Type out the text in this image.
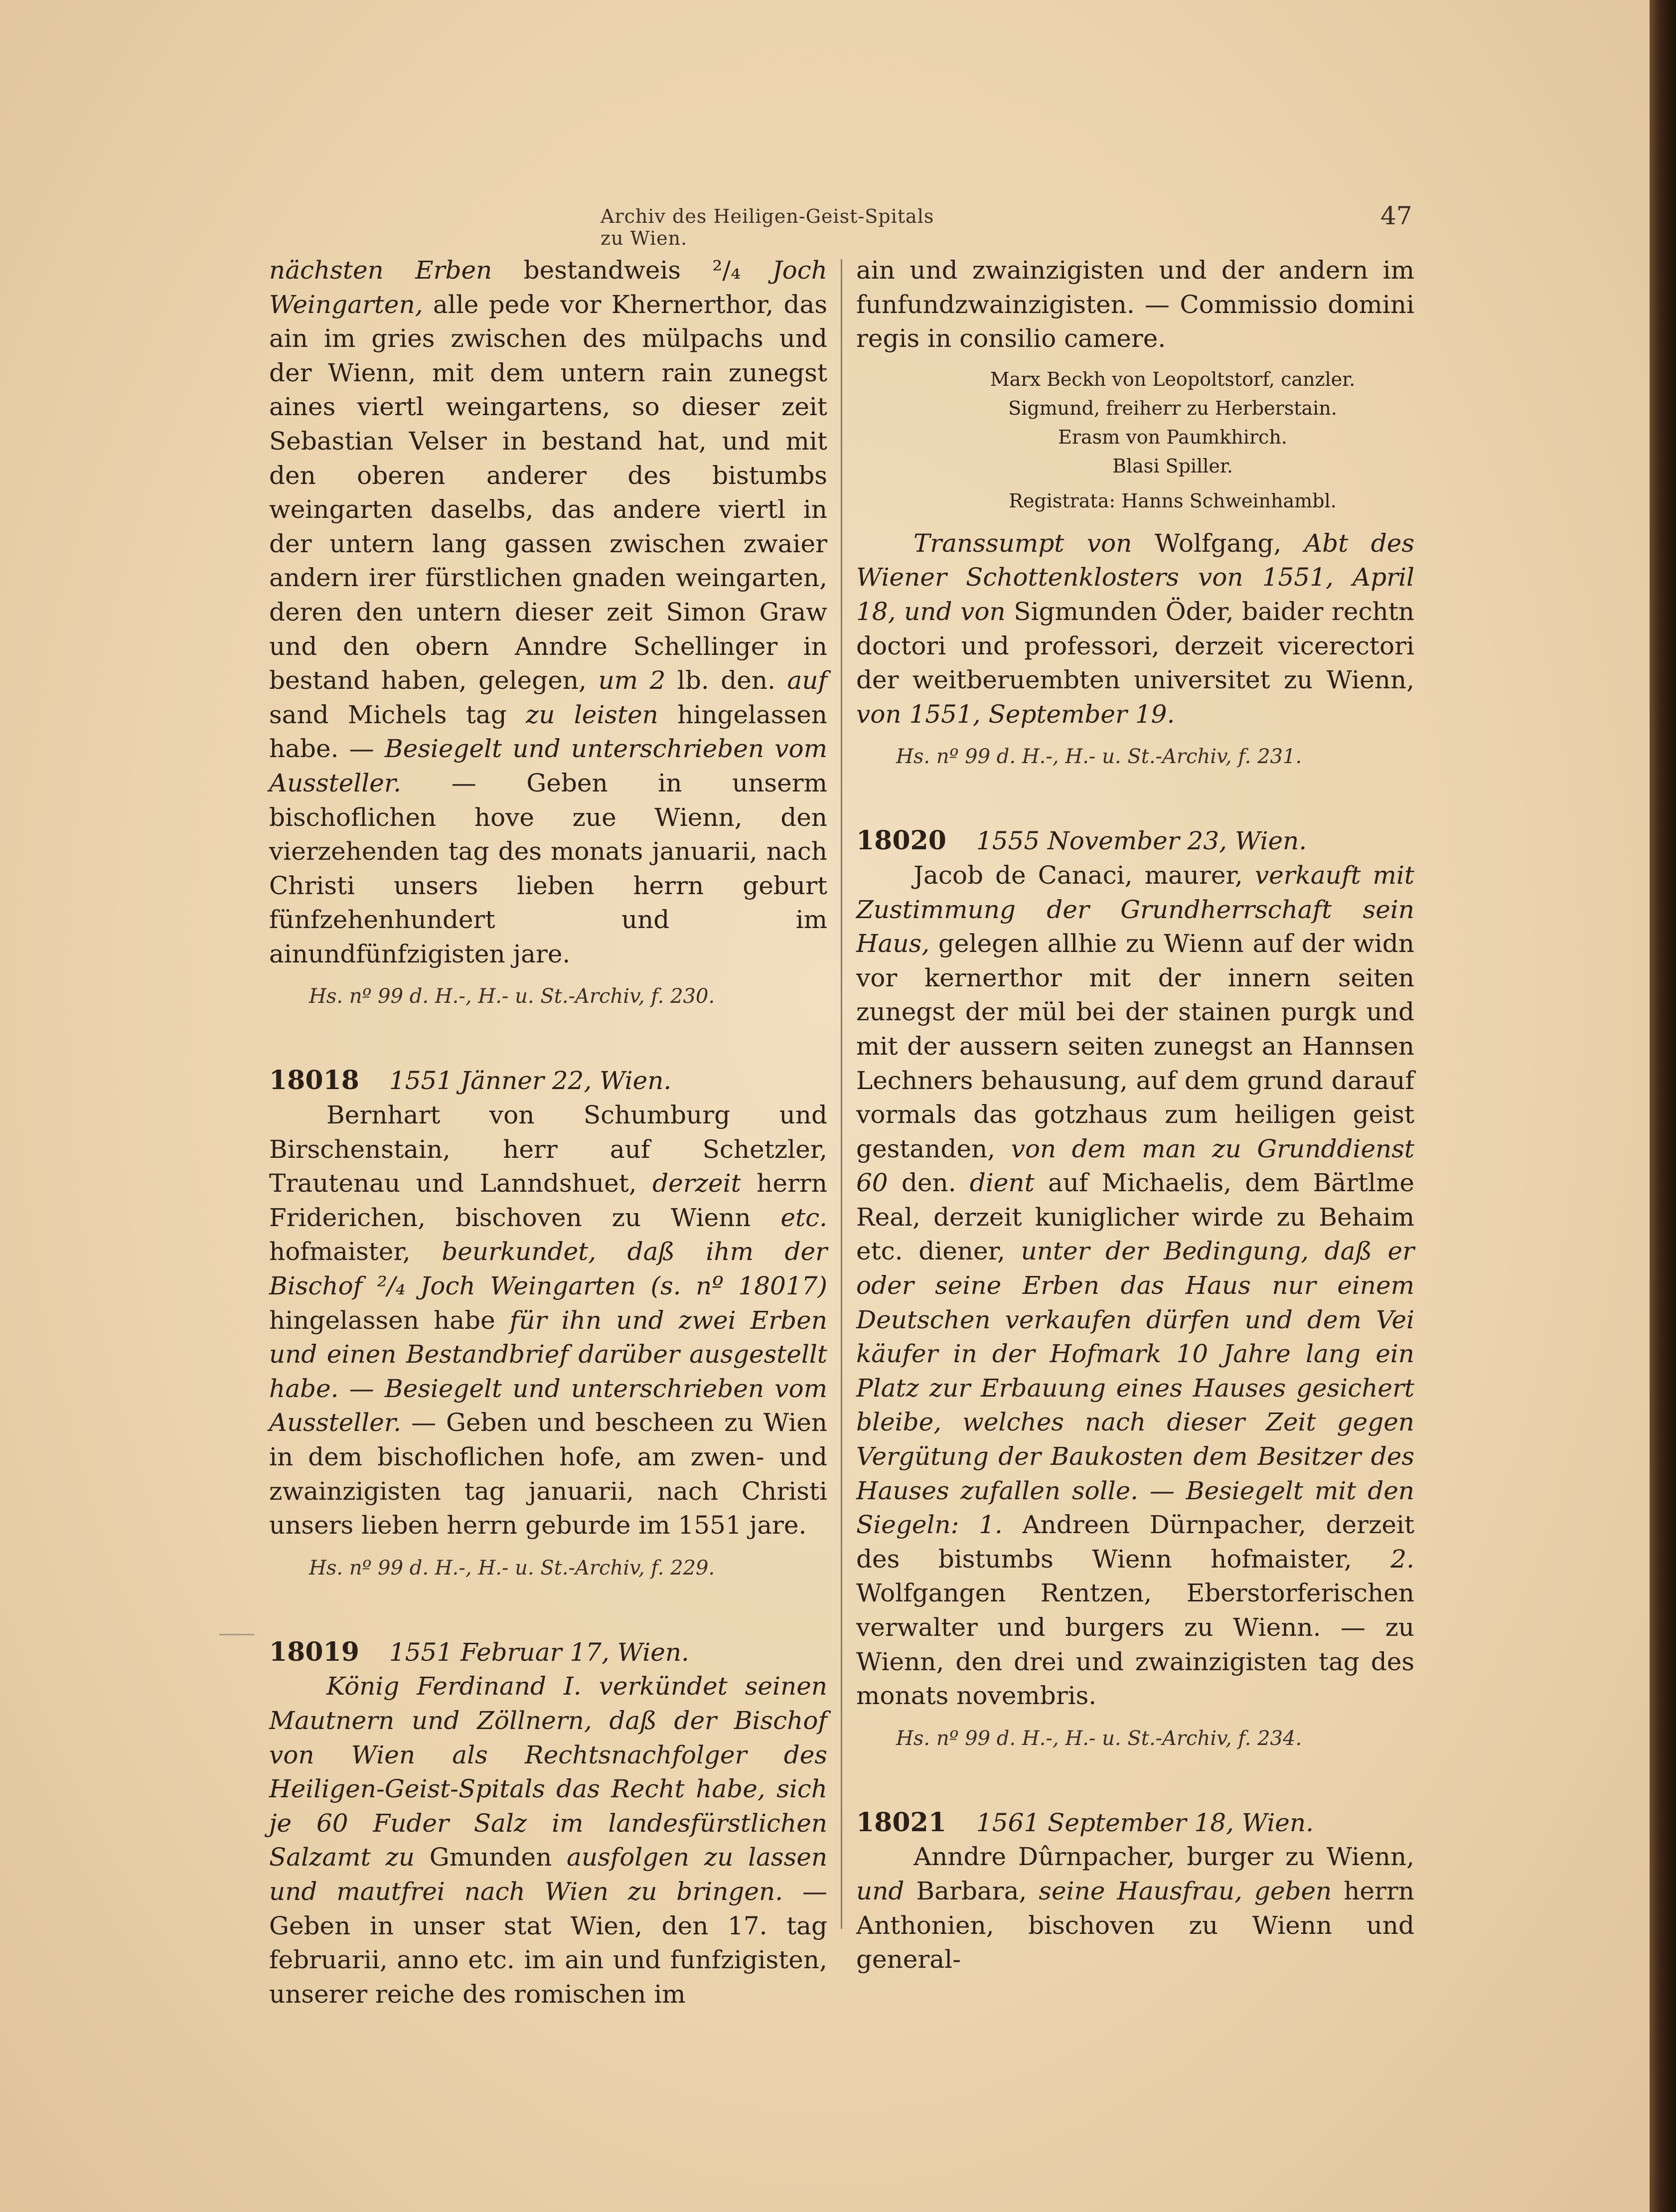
Archiv des Heiligen-Geist-Spitals zu Wien.
47

nächsten Erben bestandweis ²/₄ Joch Weingarten, alle pede vor Khernerthor, das ain im gries zwischen des mülpachs und der Wienn, mit dem untern rain zunegst aines viertl weingartens, so dieser zeit Sebastian Velser in bestand hat, und mit den oberen anderer des bistumbs weingarten daselbs, das andere viertl in der untern lang gassen zwischen zwaier andern irer fürstlichen gnaden weingarten, deren den untern dieser zeit Simon Graw und den obern Anndre Schellinger in bestand haben, gelegen, um 2 lb. den. auf sand Michels tag zu leisten hingelassen habe. — Besiegelt und unterschrieben vom Aussteller. — Geben in unserm bischoflichen hove zue Wienn, den vierzehenden tag des monats januarii, nach Christi unsers lieben herrn geburt fünfzehenhundert und im ainundfünfzigisten jare.

Hs. nº 99 d. H.-, H.- u. St.-Archiv, f. 230.

18018 1551 Jänner 22, Wien.

Bernhart von Schumburg und Birschenstain, herr auf Schetzler, Trautenau und Lanndshuet, derzeit herrn Friderichen, bischoven zu Wienn etc. hofmaister, beurkundet, daß ihm der Bischof ²/₄ Joch Weingarten (s. nº 18017) hingelassen habe für ihn und zwei Erben und einen Bestandbrief darüber ausgestellt habe. — Besiegelt und unterschrieben vom Aussteller. — Geben und bescheen zu Wien in dem bischoflichen hofe, am zwen- und zwainzigisten tag januarii, nach Christi unsers lieben herrn geburde im 1551 jare.

Hs. nº 99 d. H.-, H.- u. St.-Archiv, f. 229.

18019 1551 Februar 17, Wien.

König Ferdinand I. verkündet seinen Mautnern und Zöllnern, daß der Bischof von Wien als Rechtsnachfolger des Heiligen-Geist-Spitals das Recht habe, sich je 60 Fuder Salz im landesfürstlichen Salzamt zu Gmunden ausfolgen zu lassen und mautfrei nach Wien zu bringen. — Geben in unser stat Wien, den 17. tag februarii, anno etc. im ain und funfzigisten, unserer reiche des romischen im

ain und zwainzigisten und der andern im funfundzwainzigisten. — Commissio domini regis in consilio camere.

Marx Beckh von Leopoltstorf, canzler.
Sigmund, freiherr zu Herberstain.
Erasm von Paumkhirch.
Blasi Spiller.

Registrata: Hanns Schweinhambl.

Transsumpt von Wolfgang, Abt des Wiener Schottenklosters von 1551, April 18, und von Sigmunden Öder, baider rechtn doctori und professori, derzeit vicerectori der weitberuembten universitet zu Wienn, von 1551, September 19.

Hs. nº 99 d. H.-, H.- u. St.-Archiv, f. 231.

18020 1555 November 23, Wien.

Jacob de Canaci, maurer, verkauft mit Zustimmung der Grundherrschaft sein Haus, gelegen allhie zu Wienn auf der widn vor kernerthor mit der innern seiten zunegst der mül bei der stainen purgk und mit der aussern seiten zunegst an Hannsen Lechners behausung, auf dem grund darauf vormals das gotzhaus zum heiligen geist gestanden, von dem man zu Grunddienst 60 den. dient auf Michaelis, dem Bärtlme Real, derzeit kuniglicher wirde zu Behaim etc. diener, unter der Bedingung, daß er oder seine Erben das Haus nur einem Deutschen verkaufen dürfen und dem Vei käufer in der Hofmark 10 Jahre lang ein Platz zur Erbauung eines Hauses gesichert bleibe, welches nach dieser Zeit gegen Vergütung der Baukosten dem Besitzer des Hauses zufallen solle. — Besiegelt mit den Siegeln: 1. Andreen Dürnpacher, derzeit des bistumbs Wienn hofmaister, 2. Wolfgangen Rentzen, Eberstorferischen verwalter und burgers zu Wienn. — zu Wienn, den drei und zwainzigisten tag des monats novembris.

Hs. nº 99 d. H.-, H.- u. St.-Archiv, f. 234.

18021 1561 September 18, Wien.

Anndre Dûrnpacher, burger zu Wienn, und Barbara, seine Hausfrau, geben herrn Anthonien, bischoven zu Wienn und general-
